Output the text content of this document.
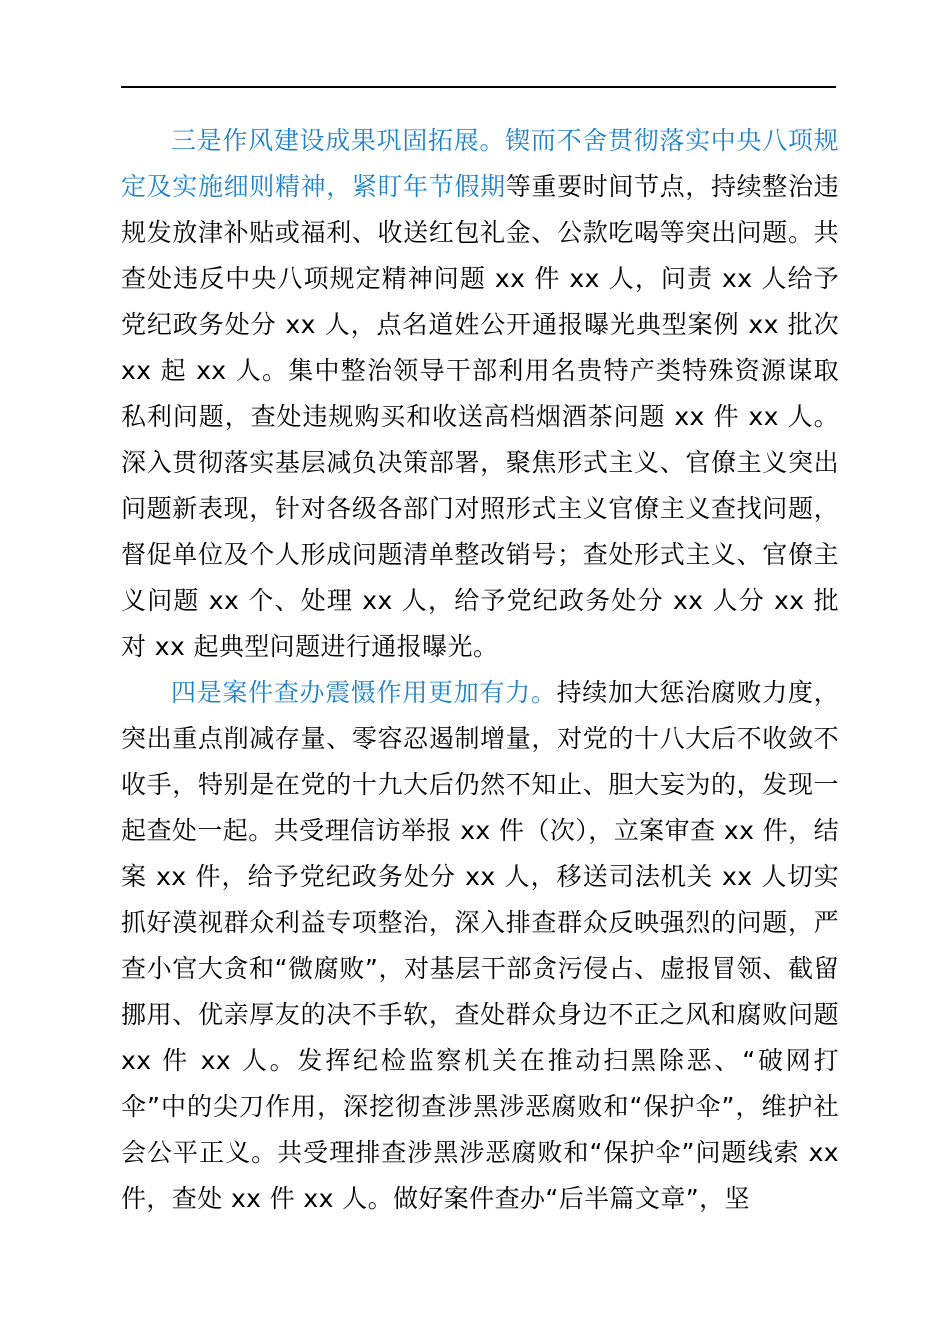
三是作风建设成果巩固拓展。锲而不舍贯彻落实中央八项规定及实施细则精神，紧盯年节假期等重要时间节点，持续整治违规发放津补贴或福利、收送红包礼金、公款吃喝等突出问题。共查处违反中央八项规定精神问题 xx 件 xx 人，问责 xx 人给予党纪政务处分 xx 人，点名道姓公开通报曝光典型案例 xx 批次 xx 起 xx 人。集中整治领导干部利用名贵特产类特殊资源谋取私利问题，查处违规购买和收送高档烟酒茶问题 xx 件 xx 人。深入贯彻落实基层减负决策部署，聚焦形式主义、官僚主义突出问题新表现，针对各级各部门对照形式主义官僚主义查找问题，督促单位及个人形成问题清单整改销号；查处形式主义、官僚主义问题 xx 个、处理 xx 人，给予党纪政务处分 xx 人分 xx 批对 xx 起典型问题进行通报曝光。

四是案件查办震慑作用更加有力。持续加大惩治腐败力度，突出重点削减存量、零容忍遏制增量，对党的十八大后不收敛不收手，特别是在党的十九大后仍然不知止、胆大妄为的，发现一起查处一起。共受理信访举报 xx 件（次），立案审查 xx 件，结案 xx 件，给予党纪政务处分 xx 人，移送司法机关 xx 人切实抓好漠视群众利益专项整治，深入排查群众反映强烈的问题，严查小官大贪和“微腐败”，对基层干部贪污侵占、虚报冒领、截留挪用、优亲厚友的决不手软，查处群众身边不正之风和腐败问题 xx 件 xx 人。发挥纪检监察机关在推动扫黑除恶、“破网打伞”中的尖刀作用，深挖彻查涉黑涉恶腐败和“保护伞”，维护社会公平正义。共受理排查涉黑涉恶腐败和“保护伞”问题线索 xx 件，查处 xx 件 xx 人。做好案件查办“后半篇文章”，坚
